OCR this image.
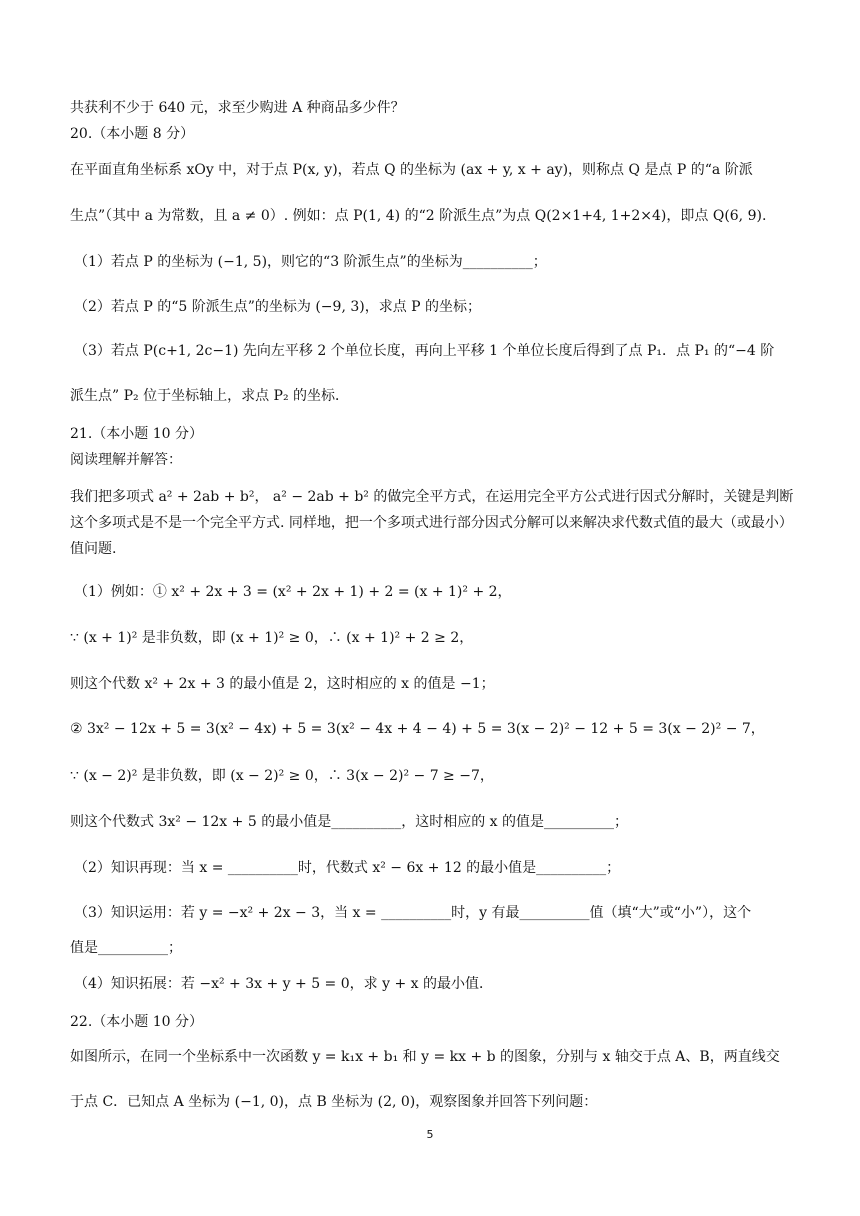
共获利不少于 640 元，求至少购进 A 种商品多少件？
20.（本小题 8 分）
在平面直角坐标系 xOy 中，对于点 P(x, y)，若点 Q 的坐标为 (ax + y, x + ay)，则称点 Q 是点 P 的“a 阶派
生点”（其中 a 为常数，且 a ≠ 0）. 例如：点 P(1, 4) 的“2 阶派生点”为点 Q(2×1+4, 1+2×4)，即点 Q(6, 9).
（1）若点 P 的坐标为 (−1, 5)，则它的“3 阶派生点”的坐标为__________；
（2）若点 P 的“5 阶派生点”的坐标为 (−9, 3)，求点 P 的坐标；
（3）若点 P(c+1, 2c−1) 先向左平移 2 个单位长度，再向上平移 1 个单位长度后得到了点 P₁．点 P₁ 的“−4 阶
派生点” P₂ 位于坐标轴上，求点 P₂ 的坐标．
21.（本小题 10 分）
阅读理解并解答：
我们把多项式 a² + 2ab + b²， a² − 2ab + b² 的做完全平方式，在运用完全平方公式进行因式分解时，关键是判断这个多项式是不是一个完全平方式. 同样地，把一个多项式进行部分因式分解可以来解决求代数式值的最大（或最小）值问题.
（1）例如：① x² + 2x + 3 = (x² + 2x + 1) + 2 = (x + 1)² + 2，
∵ (x + 1)² 是非负数，即 (x + 1)² ≥ 0，∴ (x + 1)² + 2 ≥ 2，
则这个代数 x² + 2x + 3 的最小值是 2，这时相应的 x 的值是 −1；
② 3x² − 12x + 5 = 3(x² − 4x) + 5 = 3(x² − 4x + 4 − 4) + 5 = 3(x − 2)² − 12 + 5 = 3(x − 2)² − 7，
∵ (x − 2)² 是非负数，即 (x − 2)² ≥ 0，∴ 3(x − 2)² − 7 ≥ −7，
则这个代数式 3x² − 12x + 5 的最小值是__________，这时相应的 x 的值是__________；
（2）知识再现：当 x = __________时，代数式 x² − 6x + 12 的最小值是__________；
（3）知识运用：若 y = −x² + 2x − 3，当 x = __________时，y 有最__________值（填“大”或“小”），这个
值是__________；
（4）知识拓展：若 −x² + 3x + y + 5 = 0，求 y + x 的最小值．
22.（本小题 10 分）
如图所示，在同一个坐标系中一次函数 y = k₁x + b₁ 和 y = kx + b 的图象，分别与 x 轴交于点 A、B，两直线交
于点 C．已知点 A 坐标为 (−1, 0)，点 B 坐标为 (2, 0)，观察图象并回答下列问题：
5
